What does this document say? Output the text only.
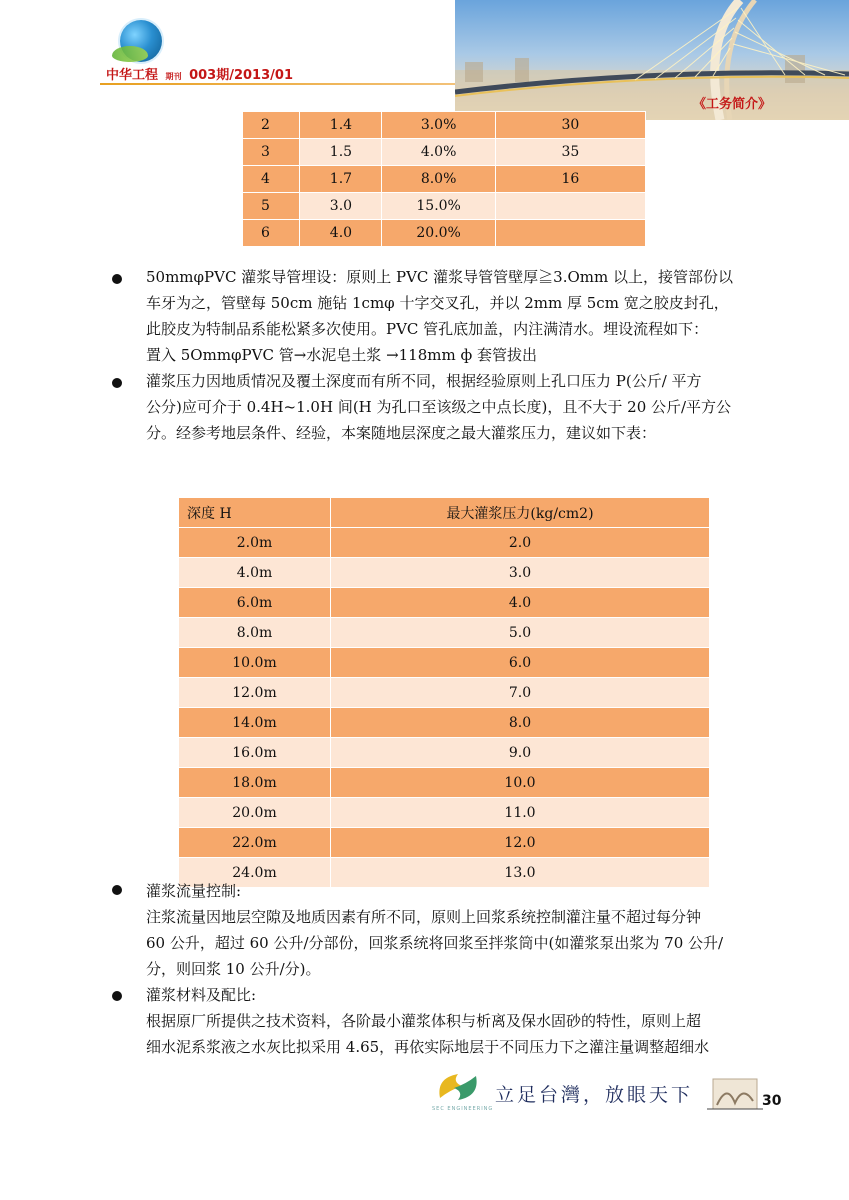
中华工程 期刊 003期/2013/01
《工务简介》
2	1.4	3.0%	30
3	1.5	4.0%	35
4	1.7	8.0%	16
5	3.0	15.0%	
6	4.0	20.0%	
50mmφPVC 灌浆导管埋设：原则上 PVC 灌浆导管管壁厚≧3.Omm 以上，接管部份以
车牙为之，管壁每 50cm 施钻 1cmφ 十字交叉孔，并以 2mm 厚 5cm 宽之胶皮封孔，
此胶皮为特制品系能松紧多次使用。PVC 管孔底加盖，内注满清水。埋设流程如下：
置入 5OmmφPVC 管→水泥皂土浆 →118mm ф 套管拔出
灌浆压力因地质情况及覆土深度而有所不同，根据经验原则上孔口压力 P(公斤/ 平方
公分)应可介于 0.4H~1.0H 间(H 为孔口至该级之中点长度)，且不大于 20 公斤/平方公
分。经参考地层条件、经验，本案随地层深度之最大灌浆压力，建议如下表：
深度 H	最大灌浆压力(kg/cm2)
2.0m	2.0
4.0m	3.0
6.0m	4.0
8.0m	5.0
10.0m	6.0
12.0m	7.0
14.0m	8.0
16.0m	9.0
18.0m	10.0
20.0m	11.0
22.0m	12.0
24.0m	13.0
灌浆流量控制:
注浆流量因地层空隙及地质因素有所不同，原则上回浆系统控制灌注量不超过每分钟
60 公升，超过 60 公升/分部份，回浆系统将回浆至拌浆筒中(如灌浆泵出浆为 70 公升/
分，则回浆 10 公升/分)。
灌浆材料及配比:
根据原厂所提供之技术资料，各阶最小灌浆体积与析离及保水固砂的特性，原则上超
细水泥系浆液之水灰比拟采用 4.65，再依实际地层于不同压力下之灌注量调整超细水
SEC ENGINEERING
立足台灣，放眼天下	30
